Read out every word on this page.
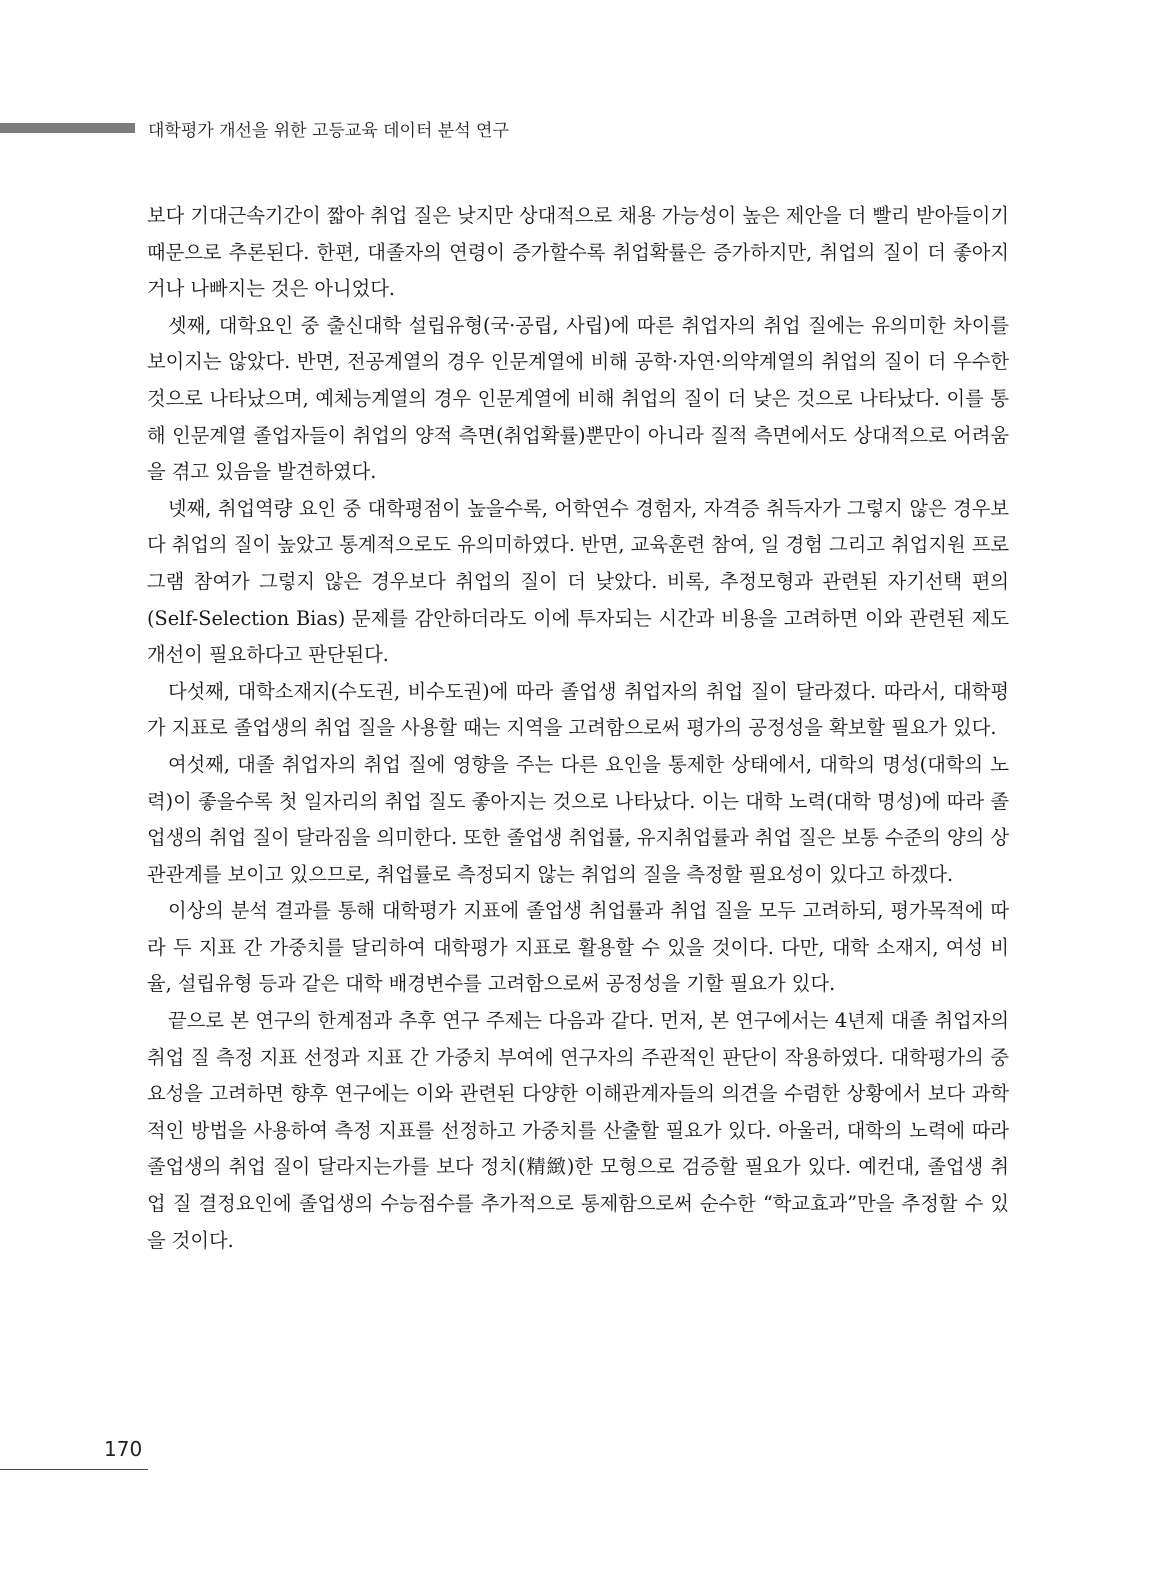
대학평가 개선을 위한 고등교육 데이터 분석 연구

보다 기대근속기간이 짧아 취업 질은 낮지만 상대적으로 채용 가능성이 높은 제안을 더 빨리 받아들이기 때문으로 추론된다. 한편, 대졸자의 연령이 증가할수록 취업확률은 증가하지만, 취업의 질이 더 좋아지거나 나빠지는 것은 아니었다.

셋째, 대학요인 중 출신대학 설립유형(국·공립, 사립)에 따른 취업자의 취업 질에는 유의미한 차이를 보이지는 않았다. 반면, 전공계열의 경우 인문계열에 비해 공학·자연·의약계열의 취업의 질이 더 우수한 것으로 나타났으며, 예체능계열의 경우 인문계열에 비해 취업의 질이 더 낮은 것으로 나타났다. 이를 통해 인문계열 졸업자들이 취업의 양적 측면(취업확률)뿐만이 아니라 질적 측면에서도 상대적으로 어려움을 겪고 있음을 발견하였다.

넷째, 취업역량 요인 중 대학평점이 높을수록, 어학연수 경험자, 자격증 취득자가 그렇지 않은 경우보다 취업의 질이 높았고 통계적으로도 유의미하였다. 반면, 교육훈련 참여, 일 경험 그리고 취업지원 프로그램 참여가 그렇지 않은 경우보다 취업의 질이 더 낮았다. 비록, 추정모형과 관련된 자기선택 편의(Self-Selection Bias) 문제를 감안하더라도 이에 투자되는 시간과 비용을 고려하면 이와 관련된 제도 개선이 필요하다고 판단된다.

다섯째, 대학소재지(수도권, 비수도권)에 따라 졸업생 취업자의 취업 질이 달라졌다. 따라서, 대학평가 지표로 졸업생의 취업 질을 사용할 때는 지역을 고려함으로써 평가의 공정성을 확보할 필요가 있다.

여섯째, 대졸 취업자의 취업 질에 영향을 주는 다른 요인을 통제한 상태에서, 대학의 명성(대학의 노력)이 좋을수록 첫 일자리의 취업 질도 좋아지는 것으로 나타났다. 이는 대학 노력(대학 명성)에 따라 졸업생의 취업 질이 달라짐을 의미한다. 또한 졸업생 취업률, 유지취업률과 취업 질은 보통 수준의 양의 상관관계를 보이고 있으므로, 취업률로 측정되지 않는 취업의 질을 측정할 필요성이 있다고 하겠다.

이상의 분석 결과를 통해 대학평가 지표에 졸업생 취업률과 취업 질을 모두 고려하되, 평가목적에 따라 두 지표 간 가중치를 달리하여 대학평가 지표로 활용할 수 있을 것이다. 다만, 대학 소재지, 여성 비율, 설립유형 등과 같은 대학 배경변수를 고려함으로써 공정성을 기할 필요가 있다.

끝으로 본 연구의 한계점과 추후 연구 주제는 다음과 같다. 먼저, 본 연구에서는 4년제 대졸 취업자의 취업 질 측정 지표 선정과 지표 간 가중치 부여에 연구자의 주관적인 판단이 작용하였다. 대학평가의 중요성을 고려하면 향후 연구에는 이와 관련된 다양한 이해관계자들의 의견을 수렴한 상황에서 보다 과학적인 방법을 사용하여 측정 지표를 선정하고 가중치를 산출할 필요가 있다. 아울러, 대학의 노력에 따라 졸업생의 취업 질이 달라지는가를 보다 정치(精緻)한 모형으로 검증할 필요가 있다. 예컨대, 졸업생 취업 질 결정요인에 졸업생의 수능점수를 추가적으로 통제함으로써 순수한 “학교효과”만을 추정할 수 있을 것이다.

170
